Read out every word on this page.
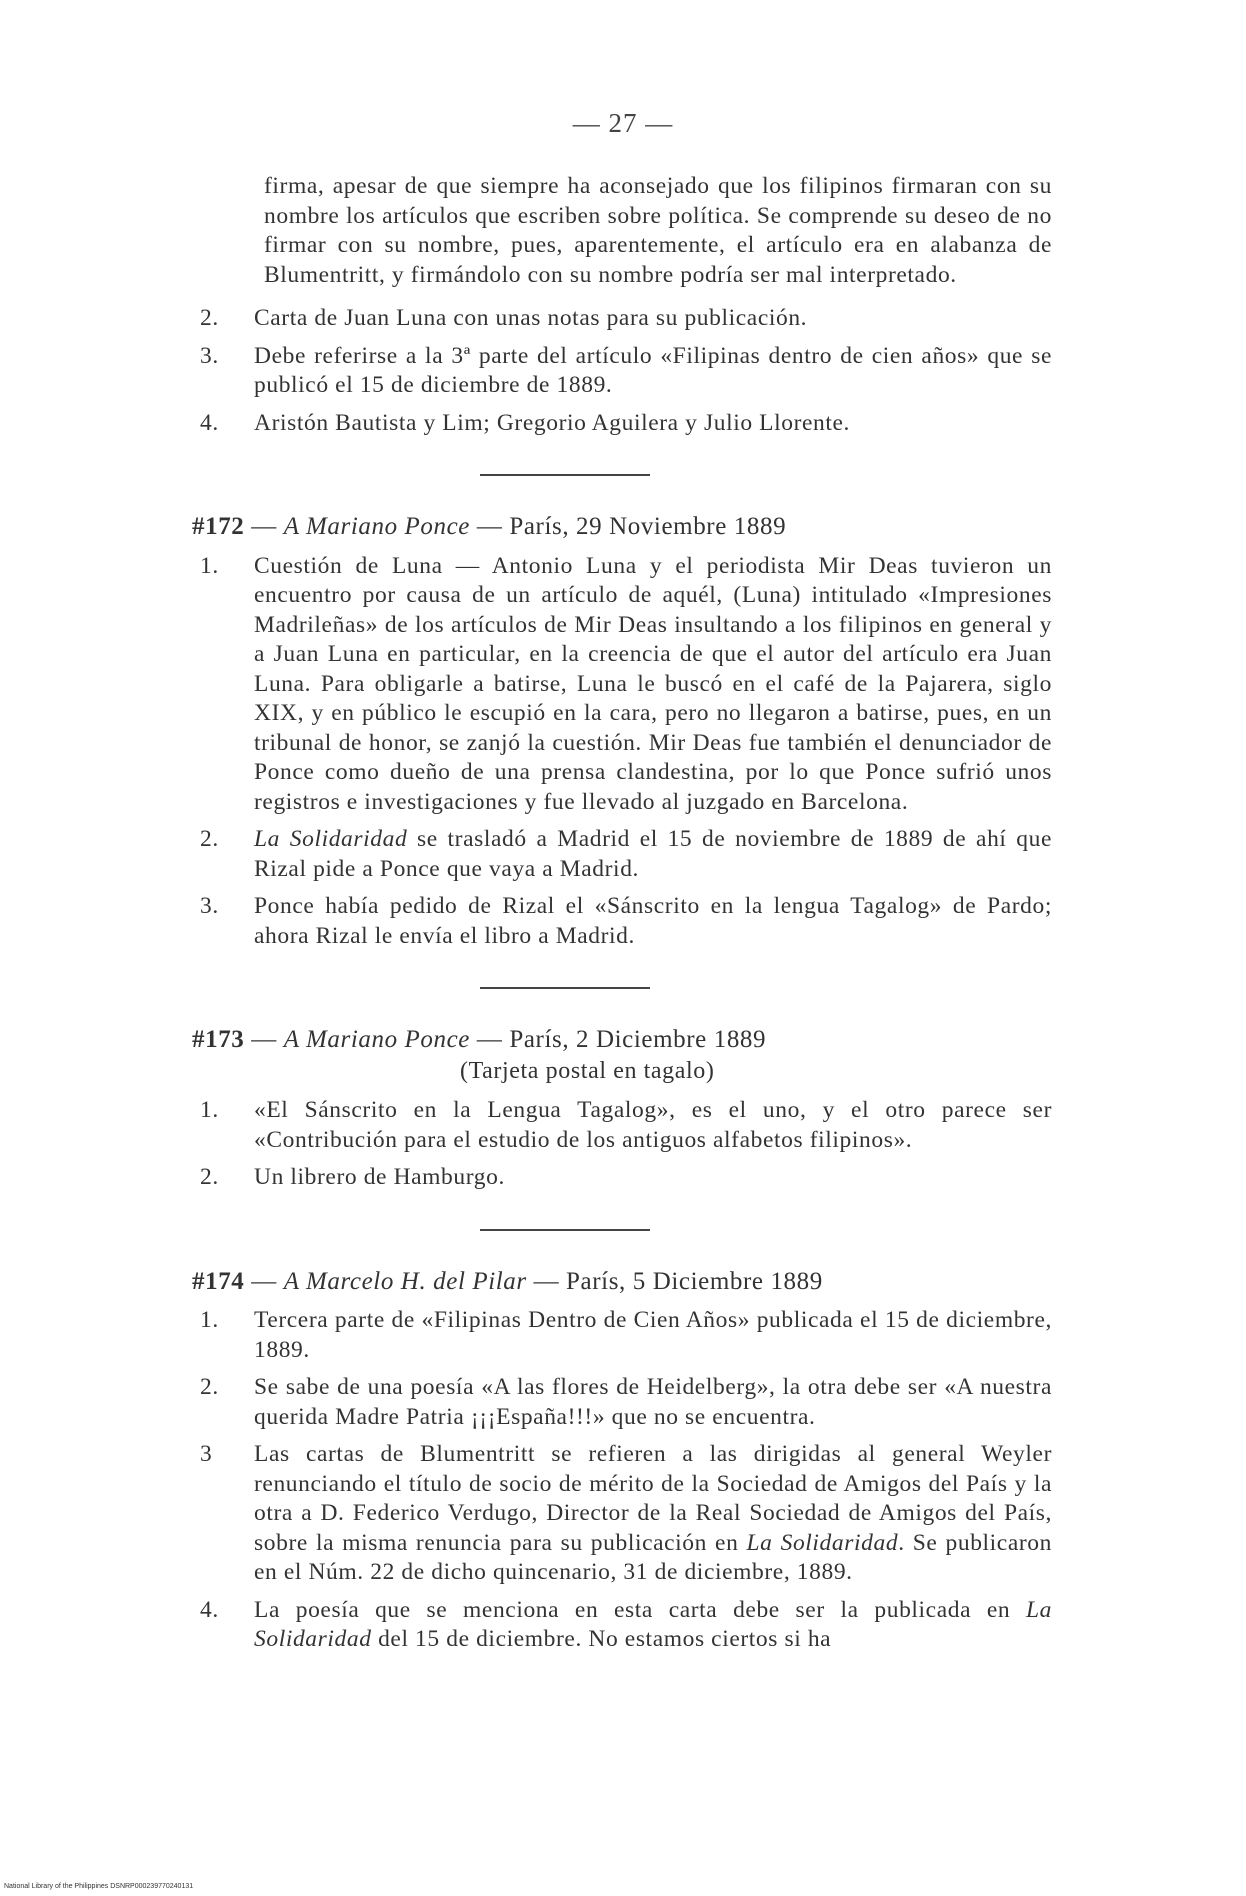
— 27 —
firma, apesar de que siempre ha aconsejado que los filipinos firmaran con su nombre los artículos que escriben sobre política. Se comprende su deseo de no firmar con su nombre, pues, aparentemente, el artículo era en alabanza de Blumentritt, y firmándolo con su nombre podría ser mal interpretado.
2.	Carta de Juan Luna con unas notas para su publicación.
3.	Debe referirse a la 3ª parte del artículo «Filipinas dentro de cien años» que se publicó el 15 de diciembre de 1889.
4.	Aristón Bautista y Lim; Gregorio Aguilera y Julio Llorente.
#172 — A Mariano Ponce — París, 29 Noviembre 1889
1.	Cuestión de Luna — Antonio Luna y el periodista Mir Deas tuvieron un encuentro por causa de un artículo de aquél, (Luna) intitulado «Impresiones Madrileñas» de los artículos de Mir Deas insultando a los filipinos en general y a Juan Luna en particular, en la creencia de que el autor del artículo era Juan Luna. Para obligarle a batirse, Luna le buscó en el café de la Pajarera, siglo XIX, y en público le escupió en la cara, pero no llegaron a batirse, pues, en un tribunal de honor, se zanjó la cuestión. Mir Deas fue también el denunciador de Ponce como dueño de una prensa clandestina, por lo que Ponce sufrió unos registros e investigaciones y fue llevado al juzgado en Barcelona.
2.	La Solidaridad se trasladó a Madrid el 15 de noviembre de 1889 de ahí que Rizal pide a Ponce que vaya a Madrid.
3.	Ponce había pedido de Rizal el «Sánscrito en la lengua Tagalog» de Pardo; ahora Rizal le envía el libro a Madrid.
#173 — A Mariano Ponce — París, 2 Diciembre 1889
(Tarjeta postal en tagalo)
1.	«El Sánscrito en la Lengua Tagalog», es el uno, y el otro parece ser «Contribución para el estudio de los antiguos alfabetos filipinos».
2.	Un librero de Hamburgo.
#174 — A Marcelo H. del Pilar — París, 5 Diciembre 1889
1.	Tercera parte de «Filipinas Dentro de Cien Años» publicada el 15 de diciembre, 1889.
2.	Se sabe de una poesía «A las flores de Heidelberg», la otra debe ser «A nuestra querida Madre Patria ¡¡¡España!!!» que no se encuentra.
3	Las cartas de Blumentritt se refieren a las dirigidas al general Weyler renunciando el título de socio de mérito de la Sociedad de Amigos del País y la otra a D. Federico Verdugo, Director de la Real Sociedad de Amigos del País, sobre la misma renuncia para su publicación en La Solidaridad. Se publicaron en el Núm. 22 de dicho quincenario, 31 de diciembre, 1889.
4.	La poesía que se menciona en esta carta debe ser la publicada en La Solidaridad del 15 de diciembre. No estamos ciertos si ha
National Library of the Philippines DSNRP000239770240131
